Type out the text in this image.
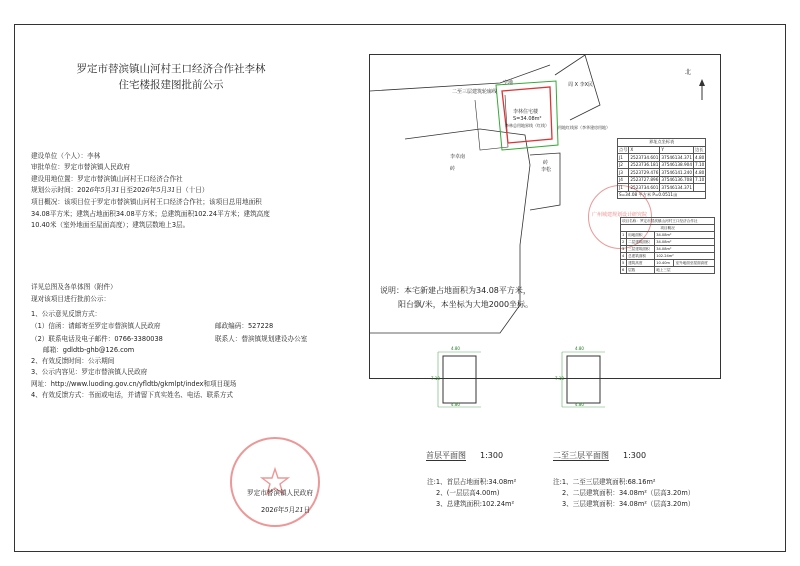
罗定市替滨镇山河村王口经济合作社李林
住宅楼报建图批前公示
建设单位（个人）：李林
审批单位：罗定市替滨镇人民政府
建设用地位置：罗定市替滨镇山河村王口经济合作社
规划公示时间：2026年5月31日至2026年5月31日（十日）
项目概况：该项目位于罗定市替滨镇山河村王口经济合作社；该项目总用地面积
34.08平方米；建筑占地面积34.08平方米；总建筑面积102.24平方米；建筑高度
10.40米（室外地面至屋面高度）；建筑层数地上3层。
详见总图及各单体图（附件）
现对该项目进行批前公示：
1、公示意见反馈方式：
（1）信函：请邮寄至罗定市替滨镇人民政府	邮政编码：527228
（2）联系电话及电子邮件：0766-3380038	联系人：替滨镇规划建设办公室
邮箱：gdldtb-ghb@126.com
2、有效反馈时间：公示期间
3、公示内容见：罗定市替滨镇人民政府
网址：http://www.luoding.gov.cn/yfldtb/gkmlpt/index和项目现场
4、有效反馈方式：书面或电话，并请留下真实姓名、电话、联系方式
罗定市替滨镇人民政府
2026年5月21日
北
二至三层建筑轮廓线
空地
李林住宅楼
S=34.08m²
李林总用地界线（红线） 用地红线界（李华建房用地）
周 X 李X民
李卓南
砖
砖
李松
说明：本宅新建占地面积为34.08平方米，
阳台飘/米，本坐标为大地2000坐标。
广州城建规划设计研究院
界址点坐标表			
点号	X	Y	边长
J1	2523734.601	37546134.371	4.80
J2	2523736.181	37546138.904	7.10
J3	2523729.476	37546141.240	4.80
J4	2523727.896	37546136.708	7.10
J1	2523734.601	37546134.371	
S=34.08 平方米 P=0.0511亩			
项目名称：罗定市替滨镇山河村王口经济合作社			
项目概况			
1	用地面积	34.08m²	
2	二层建筑面积	34.08m²	
3	三层建筑面积	34.08m²	
4	总建筑面积	102.24m²	
5	建筑高度	10.40m	室外地面至屋面高度
6	层数	地上三层	
4.80
4.80
7.10
4.80
4.80
7.10
首层平面图 1:300	二至三层平面图 1:300
注:1、首层占地面积:34.08m²
2、(一层层高4.00m)
3、总建筑面积:102.24m²
注:1、二至三层建筑面积:68.16m²
2、二层建筑面积：34.08m²（层高3.20m）
3、三层建筑面积：34.08m²（层高3.20m）
